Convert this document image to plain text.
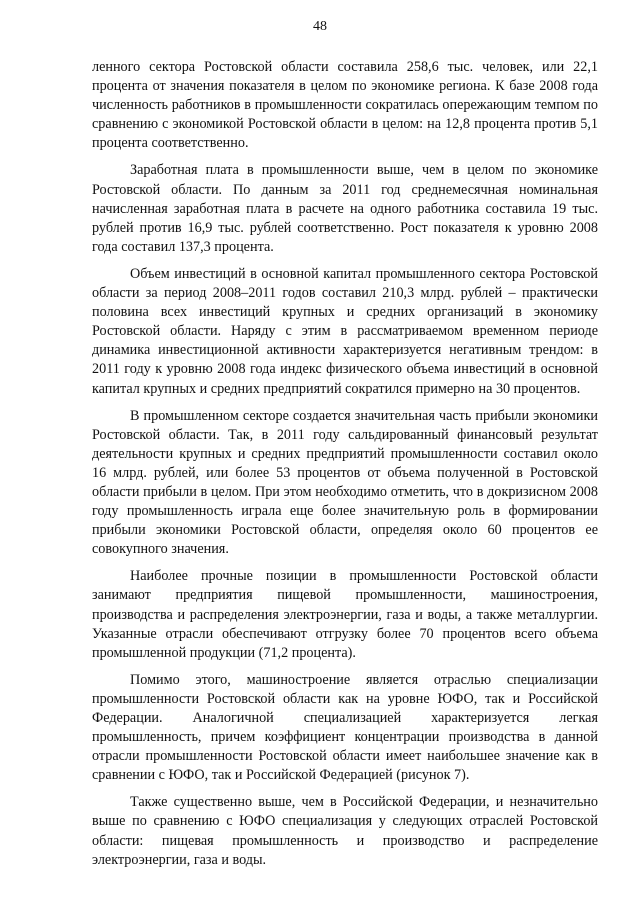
48

ленного сектора Ростовской области составила 258,6 тыс. человек, или 22,1 процента от значения показателя в целом по экономике региона. К базе 2008 года численность работников в промышленности сократилась опережающим темпом по сравнению с экономикой Ростовской области в целом: на 12,8 процента против 5,1 процента соответственно.

Заработная плата в промышленности выше, чем в целом по экономике Ростовской области. По данным за 2011 год среднемесячная номинальная начисленная заработная плата в расчете на одного работника составила 19 тыс. рублей против 16,9 тыс. рублей соответственно. Рост показателя к уровню 2008 года составил 137,3 процента.

Объем инвестиций в основной капитал промышленного сектора Ростовской области за период 2008–2011 годов составил 210,3 млрд. рублей – практически половина всех инвестиций крупных и средних организаций в экономику Ростовской области. Наряду с этим в рассматриваемом временном периоде динамика инвестиционной активности характеризуется негативным трендом: в 2011 году к уровню 2008 года индекс физического объема инвестиций в основной капитал крупных и средних предприятий сократился примерно на 30 процентов.

В промышленном секторе создается значительная часть прибыли экономики Ростовской области. Так, в 2011 году сальдированный финансовый результат деятельности крупных и средних предприятий промышленности составил около 16 млрд. рублей, или более 53 процентов от объема полученной в Ростовской области прибыли в целом. При этом необходимо отметить, что в докризисном 2008 году промышленность играла еще более значительную роль в формировании прибыли экономики Ростовской области, определяя около 60 процентов ее совокупного значения.

Наиболее прочные позиции в промышленности Ростовской области занимают предприятия пищевой промышленности, машиностроения, производства и распределения электроэнергии, газа и воды, а также металлургии. Указанные отрасли обеспечивают отгрузку более 70 процентов всего объема промышленной продукции (71,2 процента).

Помимо этого, машиностроение является отраслью специализации промышленности Ростовской области как на уровне ЮФО, так и Российской Федерации. Аналогичной специализацией характеризуется легкая промышленность, причем коэффициент концентрации производства в данной отрасли промышленности Ростовской области имеет наибольшее значение как в сравнении с ЮФО, так и Российской Федерацией (рисунок 7).

Также существенно выше, чем в Российской Федерации, и незначительно выше по сравнению с ЮФО специализация у следующих отраслей Ростовской области: пищевая промышленность и производство и распределение электроэнергии, газа и воды.
